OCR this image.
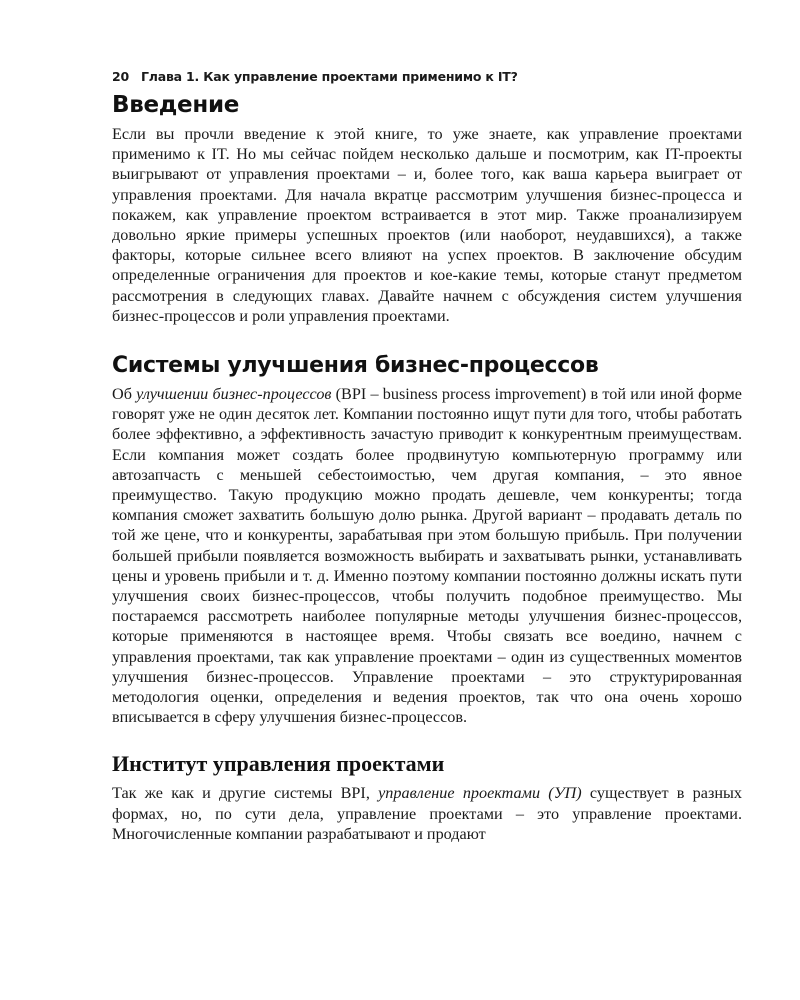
20 Глава 1. Как управление проектами применимо к IT?
Введение

Если вы прочли введение к этой книге, то уже знаете, как управление проектами применимо к IT. Но мы сейчас пойдем несколько дальше и посмотрим, как IT-проекты выигрывают от управления проектами – и, более того, как ваша карьера выиграет от управления проектами. Для начала вкратце рассмотрим улучшения бизнес-процесса и покажем, как управление проектом встраивается в этот мир. Также проанализируем довольно яркие примеры успешных проектов (или наоборот, неудавшихся), а также факторы, которые сильнее всего влияют на успех проектов. В заключение обсудим определенные ограничения для проектов и кое-какие темы, которые станут предметом рассмотрения в следующих главах. Давайте начнем с обсуждения систем улучшения бизнес-процессов и роли управления проектами.

Системы улучшения бизнес-процессов

Об улучшении бизнес-процессов (BPI – business process improvement) в той или иной форме говорят уже не один десяток лет. Компании постоянно ищут пути для того, чтобы работать более эффективно, а эффективность зачастую приводит к конкурентным преимуществам. Если компания может создать более продвинутую компьютерную программу или автозапчасть с меньшей себестоимостью, чем другая компания, – это явное преимущество. Такую продукцию можно продать дешевле, чем конкуренты; тогда компания сможет захватить большую долю рынка. Другой вариант – продавать деталь по той же цене, что и конкуренты, зарабатывая при этом большую прибыль. При получении большей прибыли появляется возможность выбирать и захватывать рынки, устанавливать цены и уровень прибыли и т. д. Именно поэтому компании постоянно должны искать пути улучшения своих бизнес-процессов, чтобы получить подобное преимущество. Мы постараемся рассмотреть наиболее популярные методы улучшения бизнес-процессов, которые применяются в настоящее время. Чтобы связать все воедино, начнем с управления проектами, так как управление проектами – один из существенных моментов улучшения бизнес-процессов. Управление проектами – это структурированная методология оценки, определения и ведения проектов, так что она очень хорошо вписывается в сферу улучшения бизнес-процессов.

Институт управления проектами

Так же как и другие системы BPI, управление проектами (УП) существует в разных формах, но, по сути дела, управление проектами – это управление проектами. Многочисленные компании разрабатывают и продают
